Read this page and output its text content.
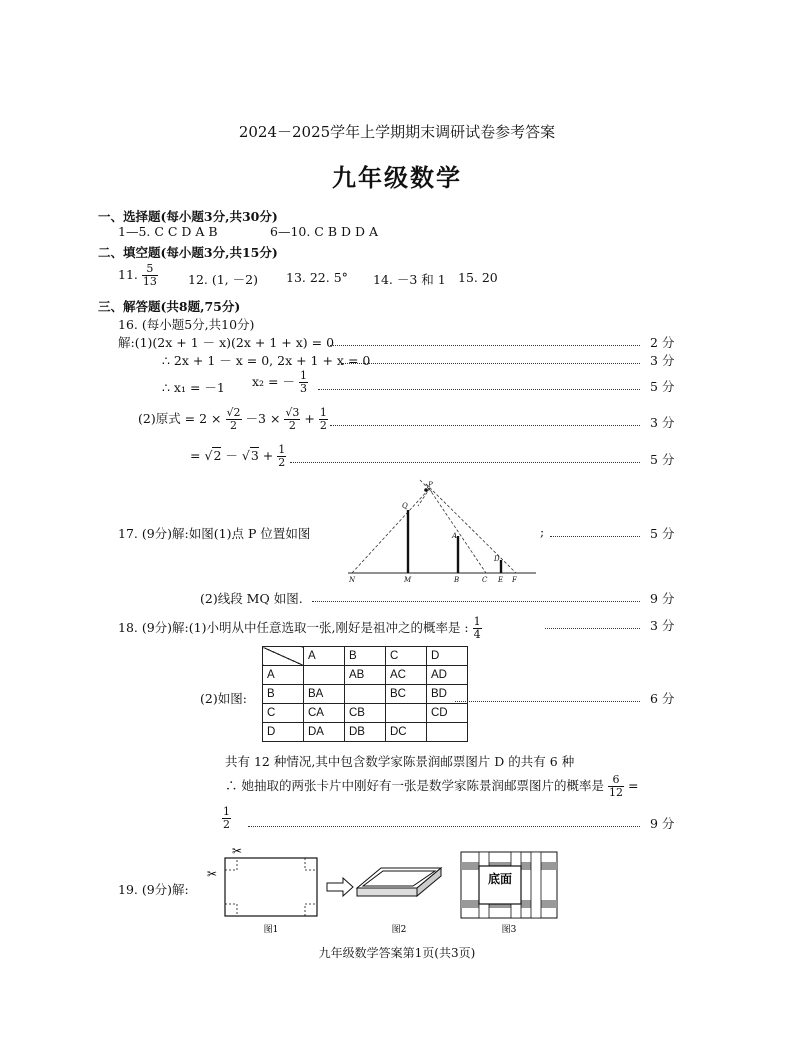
2024－2025学年上学期期末调研试卷参考答案
九年级数学
一、选择题(每小题3分,共30分)
1—5. C C D A B	6—10. C B D D A
二、填空题(每小题3分,共15分)
11. $\frac{5}{13} 12$. (1, －2) 13. 22. 5° 14. －3 和 1 15. 20
三、解答题(共8题,75分)
16. (每小题5分,共10分)
解:(1)(2x + 1 － x)(2x + 1 + x) = 0	2 分
∴ 2x + 1 － x = 0, 2x + 1 + x = 0	3 分
∴ x₁ = －1 x₂ = － $\frac{1}{3}$	5 分
(2)原式 = $2 \times \frac{√2}{2} -3 \times \frac{√3}{2} + \frac{1}{2}$	3 分
= $√2 - √3 + \frac{1}{2}$	5 分
17. (9分)解:如图(1)点 P 位置如图
P
Q
A
D
N	M	B	C E F
;	5 分
(2)线段 MQ 如图.	9 分
18. (9分)解:(1)小明从中任意选取一张,刚好是祖冲之的概率是 : $\frac{1}{4}$	3 分
(2)如图:
	A	B	C	D
A		AB	AC	AD
B	BA		BC	BD
C	CA	CB		CD
D	DA	DB	DC	
6 分
共有 12 种情况,其中包含数学家陈景润邮票图片 D 的共有 6 种
∴ 她抽取的两张卡片中刚好有一张是数学家陈景润邮票图片的概率是 $\frac{6}{12}$ =
$\frac{1}{2}$	9 分
19. (9分)解:
✂
✂	底面
图1	图2	图3
九年级数学答案第1页(共3页)
